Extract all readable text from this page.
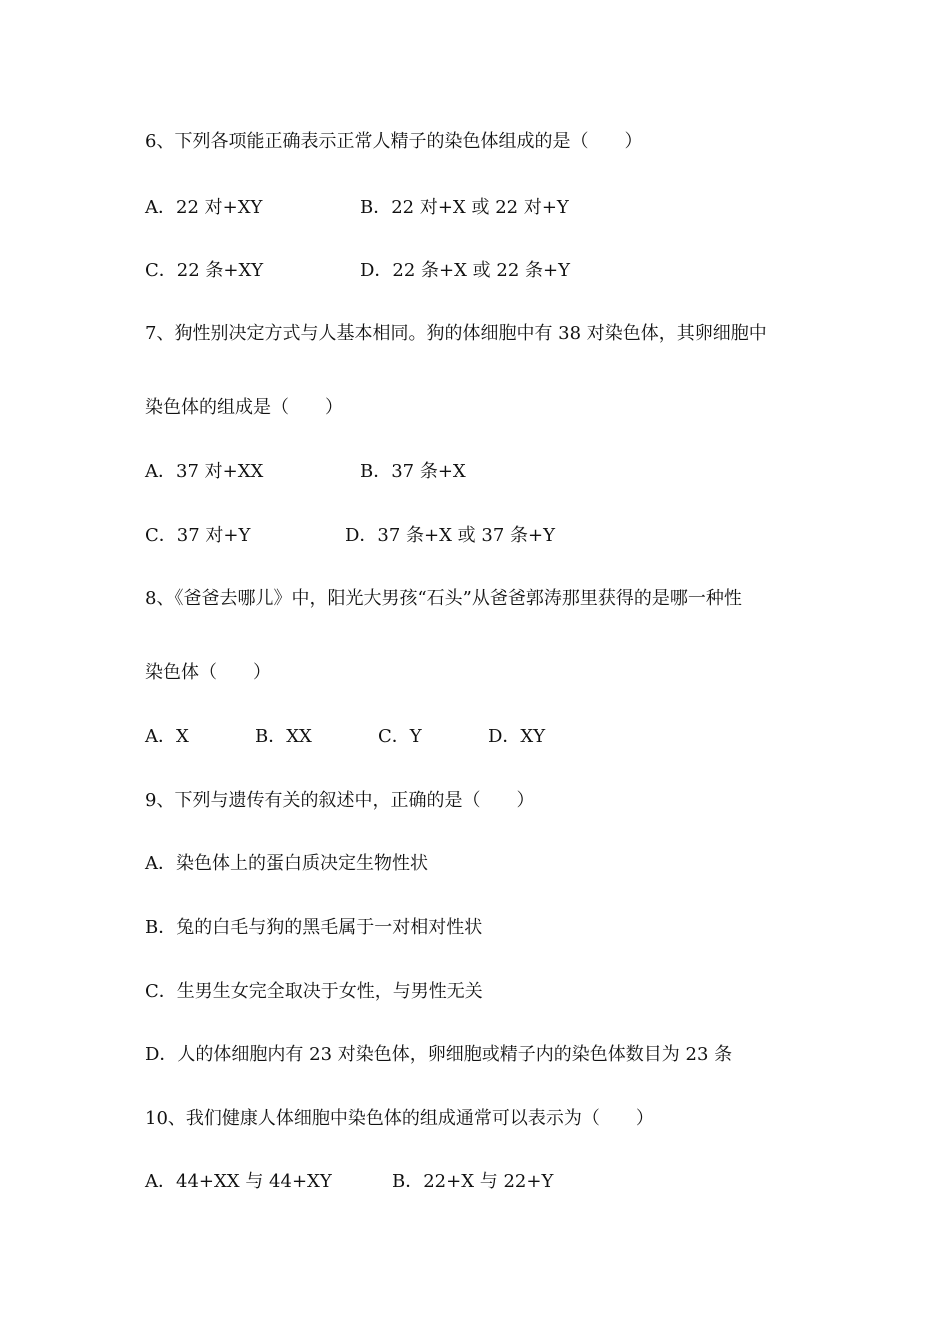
6、下列各项能正确表示正常人精子的染色体组成的是（　　）
A．22 对+XY	B．22 对+X 或 22 对+Y
C．22 条+XY	D．22 条+X 或 22 条+Y
7、狗性别决定方式与人基本相同。狗的体细胞中有 38 对染色体，其卵细胞中
染色体的组成是（　　）
A．37 对+XX	B．37 条+X
C．37 对+Y	D．37 条+X 或 37 条+Y
8、《爸爸去哪儿》中，阳光大男孩“石头”从爸爸郭涛那里获得的是哪一种性
染色体（　　）
A．X	B．XX	C．Y	D．XY
9、下列与遗传有关的叙述中，正确的是（　　）
A．染色体上的蛋白质决定生物性状
B．兔的白毛与狗的黑毛属于一对相对性状
C．生男生女完全取决于女性，与男性无关
D．人的体细胞内有 23 对染色体，卵细胞或精子内的染色体数目为 23 条
10、我们健康人体细胞中染色体的组成通常可以表示为（　　）
A．44+XX 与 44+XY	B．22+X 与 22+Y
